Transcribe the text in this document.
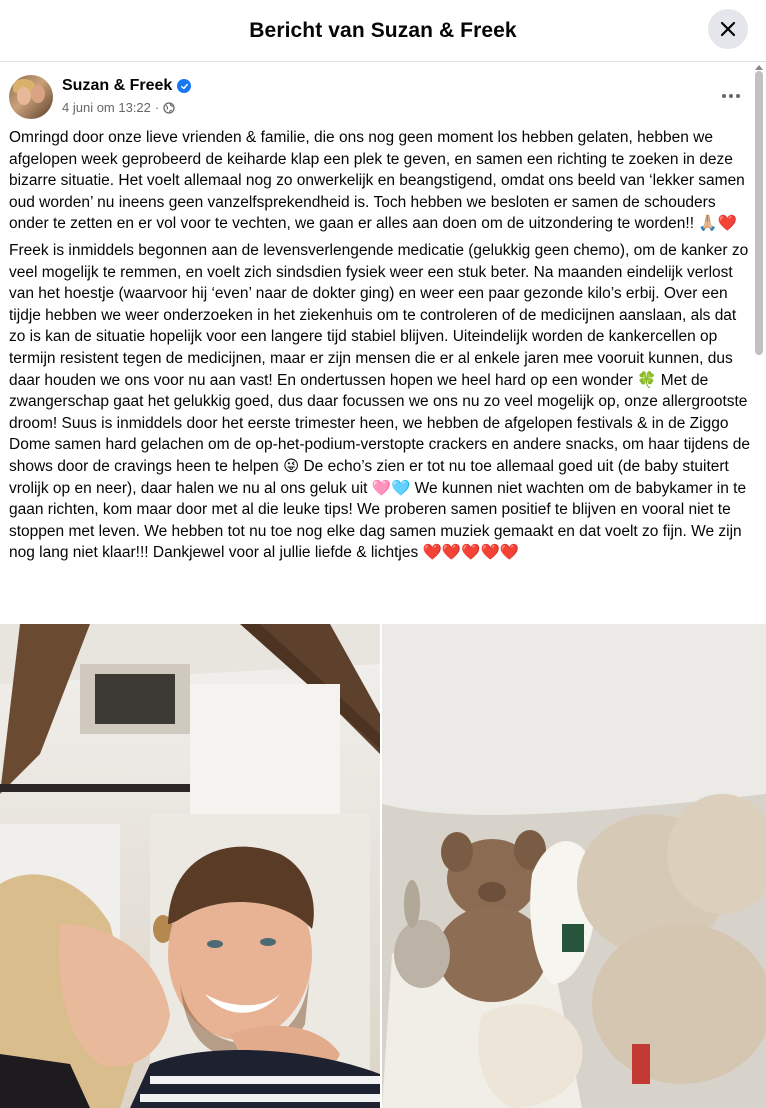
Bericht van Suzan & Freek
Suzan & Freek
4 juni om 13:22 ·

Omringd door onze lieve vrienden & familie, die ons nog geen moment los hebben gelaten, hebben we afgelopen week geprobeerd de keiharde klap een plek te geven, en samen een richting te zoeken in deze bizarre situatie. Het voelt allemaal nog zo onwerkelijk en beangstigend, omdat ons beeld van ‘lekker samen oud worden’ nu ineens geen vanzelfsprekendheid is. Toch hebben we besloten er samen de schouders onder te zetten en er vol voor te vechten, we gaan er alles aan doen om de uitzondering te worden!! 🙏🏼❤️

Freek is inmiddels begonnen aan de levensverlengende medicatie (gelukkig geen chemo), om de kanker zo veel mogelijk te remmen, en voelt zich sindsdien fysiek weer een stuk beter. Na maanden eindelijk verlost van het hoestje (waarvoor hij ‘even’ naar de dokter ging) en weer een paar gezonde kilo’s erbij. Over een tijdje hebben we weer onderzoeken in het ziekenhuis om te controleren of de medicijnen aanslaan, als dat zo is kan de situatie hopelijk voor een langere tijd stabiel blijven. Uiteindelijk worden de kankercellen op termijn resistent tegen de medicijnen, maar er zijn mensen die er al enkele jaren mee vooruit kunnen, dus daar houden we ons voor nu aan vast! En ondertussen hopen we heel hard op een wonder 🍀 Met de zwangerschap gaat het gelukkig goed, dus daar focussen we ons nu zo veel mogelijk op, onze allergrootste droom! Suus is inmiddels door het eerste trimester heen, we hebben de afgelopen festivals & in de Ziggo Dome samen hard gelachen om de op-het-podium-verstopte crackers en andere snacks, om haar tijdens de shows door de cravings heen te helpen 😜 De echo’s zien er tot nu toe allemaal goed uit (de baby stuitert vrolijk op en neer), daar halen we nu al ons geluk uit 🩷🩵 We kunnen niet wachten om de babykamer in te gaan richten, kom maar door met al die leuke tips! We proberen samen positief te blijven en vooral niet te stoppen met leven. We hebben tot nu toe nog elke dag samen muziek gemaakt en dat voelt zo fijn. We zijn nog lang niet klaar!!! Dankjewel voor al jullie liefde & lichtjes ❤️❤️❤️❤️❤️
